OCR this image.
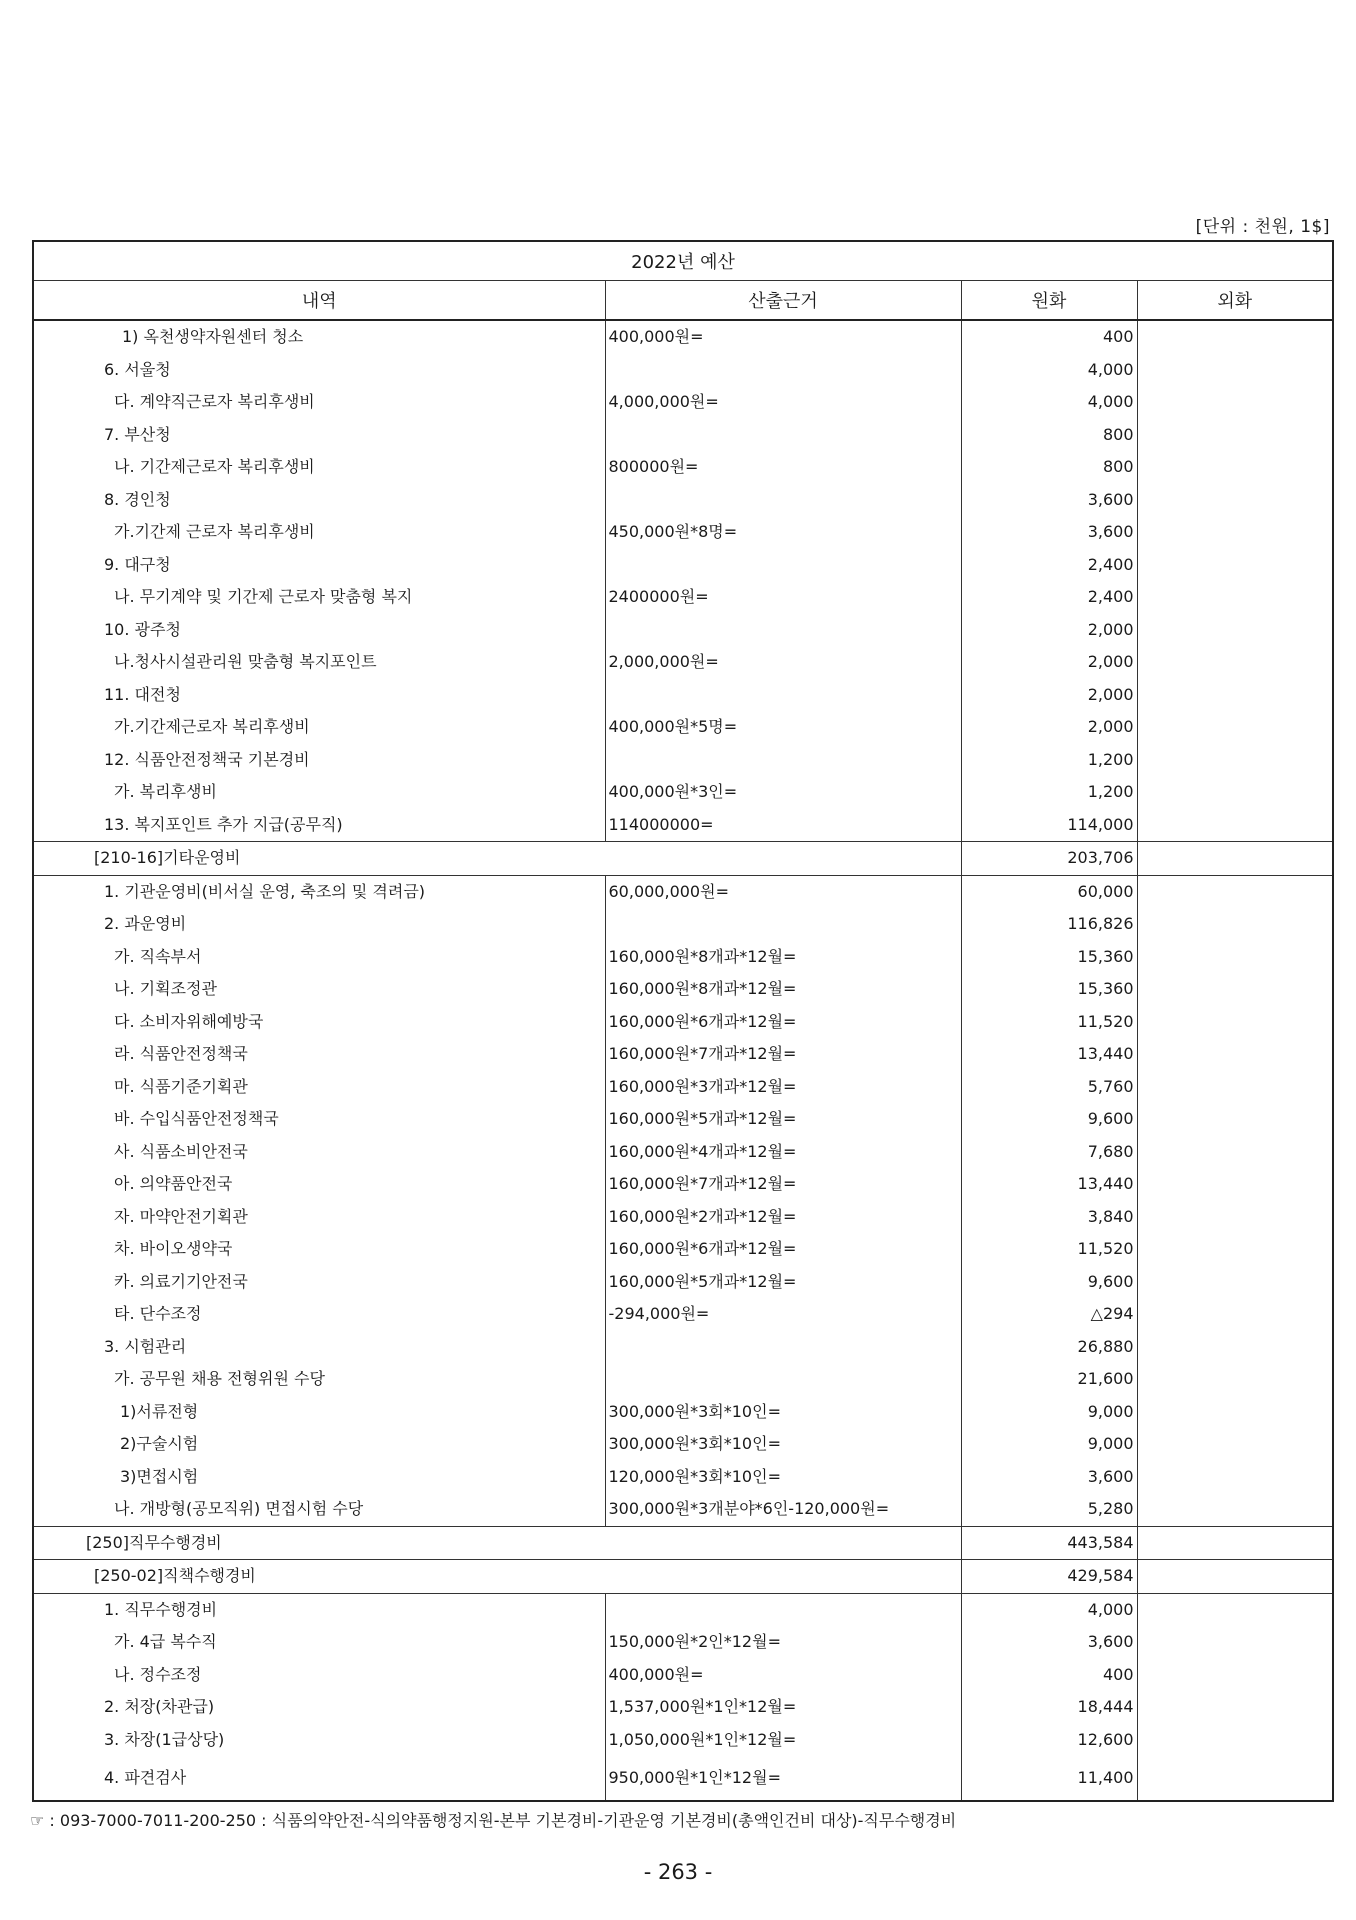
[단위 : 천원, 1$]
2022년 예산			
내역	산출근거	원화	외화
1) 옥천생약자원센터 청소	400,000원=	400	
6. 서울청		4,000	
다. 계약직근로자 복리후생비	4,000,000원=	4,000	
7. 부산청		800	
나. 기간제근로자 복리후생비	800000원=	800	
8. 경인청		3,600	
가.기간제 근로자 복리후생비	450,000원*8명=	3,600	
9. 대구청		2,400	
나. 무기계약 및 기간제 근로자 맞춤형 복지	2400000원=	2,400	
10. 광주청		2,000	
나.청사시설관리원 맞춤형 복지포인트	2,000,000원=	2,000	
11. 대전청		2,000	
가.기간제근로자 복리후생비	400,000원*5명=	2,000	
12. 식품안전정책국 기본경비		1,200	
가. 복리후생비	400,000원*3인=	1,200	
13. 복지포인트 추가 지급(공무직)	114000000=	114,000	
[210-16]기타운영비		203,706	
1. 기관운영비(비서실 운영, 축조의 및 격려금)	60,000,000원=	60,000	
2. 과운영비		116,826	
가. 직속부서	160,000원*8개과*12월=	15,360	
나. 기획조정관	160,000원*8개과*12월=	15,360	
다. 소비자위해예방국	160,000원*6개과*12월=	11,520	
라. 식품안전정책국	160,000원*7개과*12월=	13,440	
마. 식품기준기획관	160,000원*3개과*12월=	5,760	
바. 수입식품안전정책국	160,000원*5개과*12월=	9,600	
사. 식품소비안전국	160,000원*4개과*12월=	7,680	
아. 의약품안전국	160,000원*7개과*12월=	13,440	
자. 마약안전기획관	160,000원*2개과*12월=	3,840	
차. 바이오생약국	160,000원*6개과*12월=	11,520	
카. 의료기기안전국	160,000원*5개과*12월=	9,600	
타. 단수조정	-294,000원=	△294	
3. 시험관리		26,880	
가. 공무원 채용 전형위원 수당		21,600	
1)서류전형	300,000원*3회*10인=	9,000	
2)구술시험	300,000원*3회*10인=	9,000	
3)면접시험	120,000원*3회*10인=	3,600	
나. 개방형(공모직위) 면접시험 수당	300,000원*3개분야*6인-120,000원=	5,280	
[250]직무수행경비		443,584	
[250-02]직책수행경비		429,584	
1. 직무수행경비		4,000	
가. 4급 복수직	150,000원*2인*12월=	3,600	
나. 정수조정	400,000원=	400	
2. 처장(차관급)	1,537,000원*1인*12월=	18,444	
3. 차장(1급상당)	1,050,000원*1인*12월=	12,600	
4. 파견검사	950,000원*1인*12월=	11,400	
☞ : 093-7000-7011-200-250 : 식품의약안전-식의약품행정지원-본부 기본경비-기관운영 기본경비(총액인건비 대상)-직무수행경비
- 263 -
